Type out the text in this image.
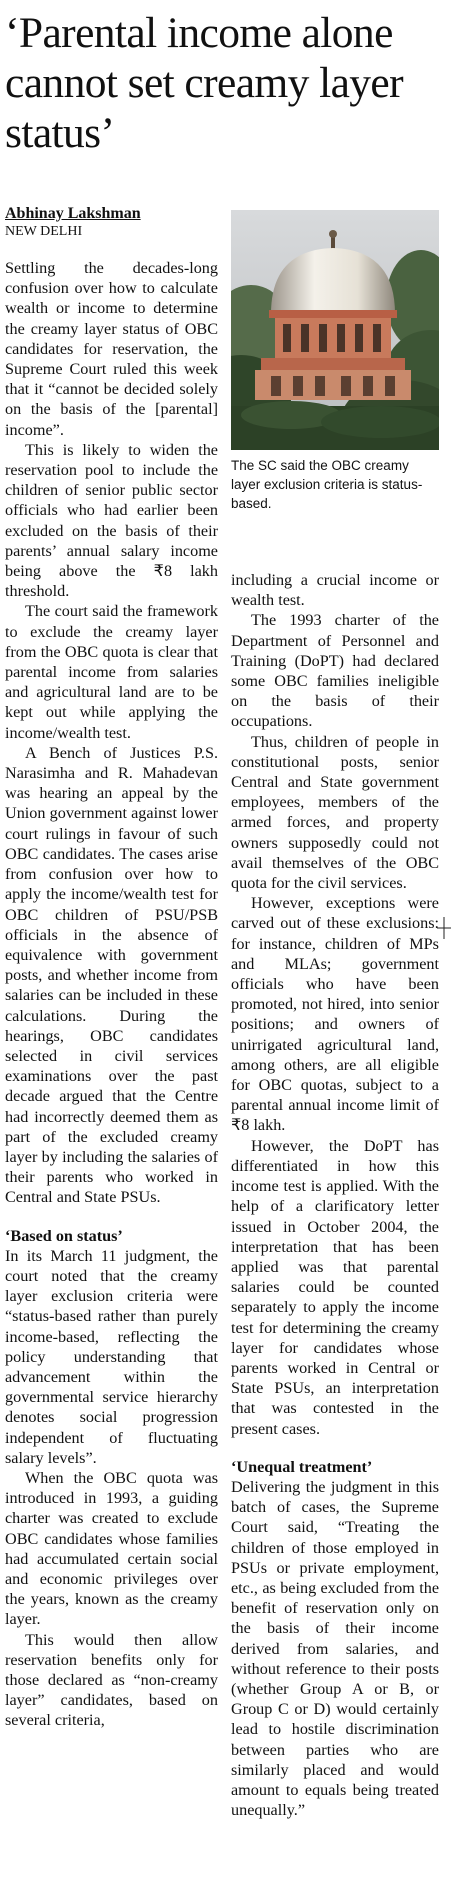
‘Parental income alone cannot set creamy layer status’
Abhinay Lakshman
NEW DELHI
The SC said the OBC creamy layer exclusion criteria is status-based.

Settling the decades-long confusion over how to calculate wealth or income to determine the creamy layer status of OBC candidates for reservation, the Supreme Court ruled this week that it “cannot be decided solely on the basis of the [parental] income”.

This is likely to widen the reservation pool to include the children of senior public sector officials who had earlier been excluded on the basis of their parents’ annual salary income being above the ₹8 lakh threshold.

The court said the framework to exclude the creamy layer from the OBC quota is clear that parental income from salaries and agricultural land are to be kept out while applying the income/wealth test.

A Bench of Justices P.S. Narasimha and R. Mahadevan was hearing an appeal by the Union government against lower court rulings in favour of such OBC candidates. The cases arise from confusion over how to apply the income/wealth test for OBC children of PSU/PSB officials in the absence of equivalence with government posts, and whether income from salaries can be included in these calculations. During the hearings, OBC candidates selected in civil services examinations over the past decade argued that the Centre had incorrectly deemed them as part of the excluded creamy layer by including the salaries of their parents who worked in Central and State PSUs.

‘Based on status’

In its March 11 judgment, the court noted that the creamy layer exclusion criteria were “status-based rather than purely income-based, reflecting the policy understanding that advancement within the governmental service hierarchy denotes social progression independent of fluctuating salary levels”.

When the OBC quota was introduced in 1993, a guiding charter was created to exclude OBC candidates whose families had accumulated certain social and economic privileges over the years, known as the creamy layer.

This would then allow reservation benefits only for those declared as “non-creamy layer” candidates, based on several criteria,

including a crucial income or wealth test.

The 1993 charter of the Department of Personnel and Training (DoPT) had declared some OBC families ineligible on the basis of their occupations.

Thus, children of people in constitutional posts, senior Central and State government employees, members of the armed forces, and property owners supposedly could not avail themselves of the OBC quota for the civil services.

However, exceptions were carved out of these exclusions: for instance, children of MPs and MLAs; government officials who have been promoted, not hired, into senior positions; and owners of unirrigated agricultural land, among others, are all eligible for OBC quotas, subject to a parental annual income limit of ₹8 lakh.

However, the DoPT has differentiated in how this income test is applied. With the help of a clarificatory letter issued in October 2004, the interpretation that has been applied was that parental salaries could be counted separately to apply the income test for determining the creamy layer for candidates whose parents worked in Central or State PSUs, an interpretation that was contested in the present cases.

‘Unequal treatment’

Delivering the judgment in this batch of cases, the Supreme Court said, “Treating the children of those employed in PSUs or private employment, etc., as being excluded from the benefit of reservation only on the basis of their income derived from salaries, and without reference to their posts (whether Group A or B, or Group C or D) would certainly lead to hostile discrimination between parties who are similarly placed and would amount to equals being treated unequally.”
